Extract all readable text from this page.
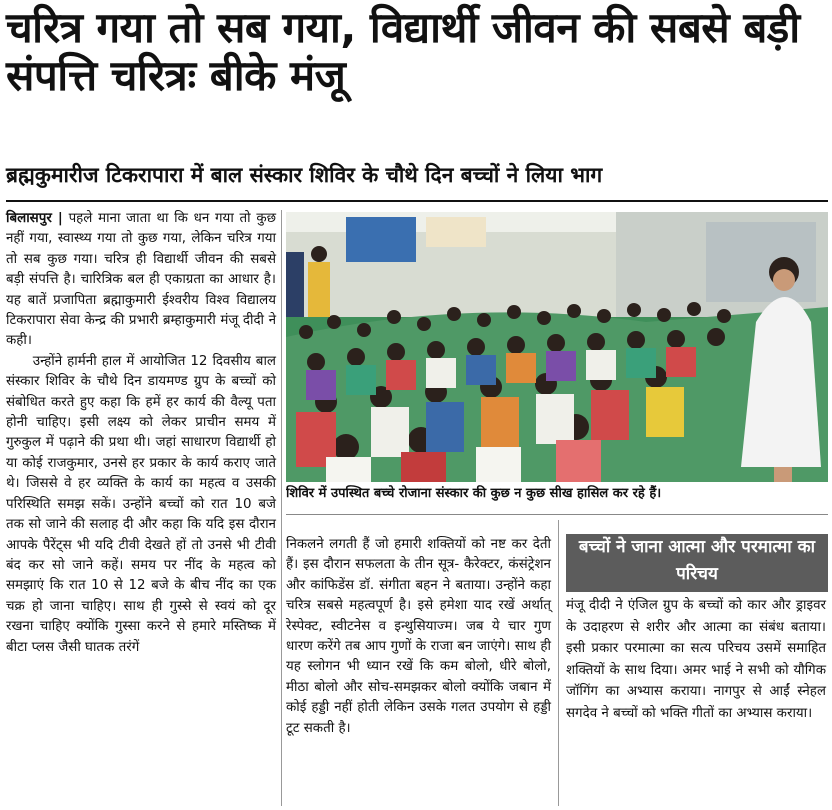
चरित्र गया तो सब गया, विद्यार्थी जीवन की सबसे बड़ी संपत्ति चरित्रः बीके मंजू
ब्रह्मकुमारीज टिकरापारा में बाल संस्कार शिविर के चौथे दिन बच्चों ने लिया भाग

बिलासपुर | पहले माना जाता था कि धन गया तो कुछ नहीं गया, स्वास्थ्य गया तो कुछ गया, लेकिन चरित्र गया तो सब कुछ गया। चरित्र ही विद्यार्थी जीवन की सबसे बड़ी संपत्ति है। चारित्रिक बल ही एकाग्रता का आधार है। यह बातें प्रजापिता ब्रह्माकुमारी ईश्वरीय विश्व विद्यालय टिकरापारा सेवा केन्द्र की प्रभारी ब्रम्हाकुमारी मंजू दीदी ने कही।

उन्होंने हार्मनी हाल में आयोजित 12 दिवसीय बाल संस्कार शिविर के चौथे दिन डायमण्ड ग्रुप के बच्चों को संबोधित करते हुए कहा कि हमें हर कार्य की वैल्यू पता होनी चाहिए। इसी लक्ष्य को लेकर प्राचीन समय में गुरुकुल में पढ़ाने की प्रथा थी। जहां साधारण विद्यार्थी हो या कोई राजकुमार, उनसे हर प्रकार के कार्य कराए जाते थे। जिससे वे हर व्यक्ति के कार्य का महत्व व उसकी परिस्थिति समझ सकें। उन्होंने बच्चों को रात 10 बजे तक सो जाने की सलाह दी और कहा कि यदि इस दौरान आपके पैरेंट्स भी यदि टीवी देखते हों तो उनसे भी टीवी बंद कर सो जाने कहें। समय पर नींद के महत्व को समझाएं कि रात 10 से 12 बजे के बीच नींद का एक चक्र हो जाना चाहिए। साथ ही गुस्से से स्वयं को दूर रखना चाहिए क्योंकि गुस्सा करने से हमारे मस्तिष्क में बीटा प्लस जैसी घातक तरंगें

शिविर में उपस्थित बच्चे रोजाना संस्कार की कुछ न कुछ सीख हासिल कर रहे हैं।

निकलने लगती हैं जो हमारी शक्तियों को नष्ट कर देती हैं। इस दौरान सफलता के तीन सूत्र- कैरेक्टर, कंसंट्रेशन और कांफिडेंस डॉ. संगीता बहन ने बताया। उन्होंने कहा चरित्र सबसे महत्वपूर्ण है। इसे हमेशा याद रखें अर्थात् रेस्पेक्ट, स्वीटनेस व इन्थुसियाज्म। जब ये चार गुण धारण करेंगे तब आप गुणों के राजा बन जाएंगे। साथ ही यह स्लोगन भी ध्यान रखें कि कम बोलो, धीरे बोलो, मीठा बोलो और सोच-समझकर बोलो क्योंकि जबान में कोई हड्डी नहीं होती लेकिन उसके गलत उपयोग से हड्डी टूट सकती है।

बच्चों ने जाना आत्मा और परमात्मा का परिचय

मंजू दीदी ने एंजिल ग्रुप के बच्चों को कार और ड्राइवर के उदाहरण से शरीर और आत्मा का संबंध बताया। इसी प्रकार परमात्मा का सत्य परिचय उसमें समाहित शक्तियों के साथ दिया। अमर भाई ने सभी को यौगिक जॉगिंग का अभ्यास कराया। नागपुर से आईं स्नेहल सगदेव ने बच्चों को भक्ति गीतों का अभ्यास कराया।
